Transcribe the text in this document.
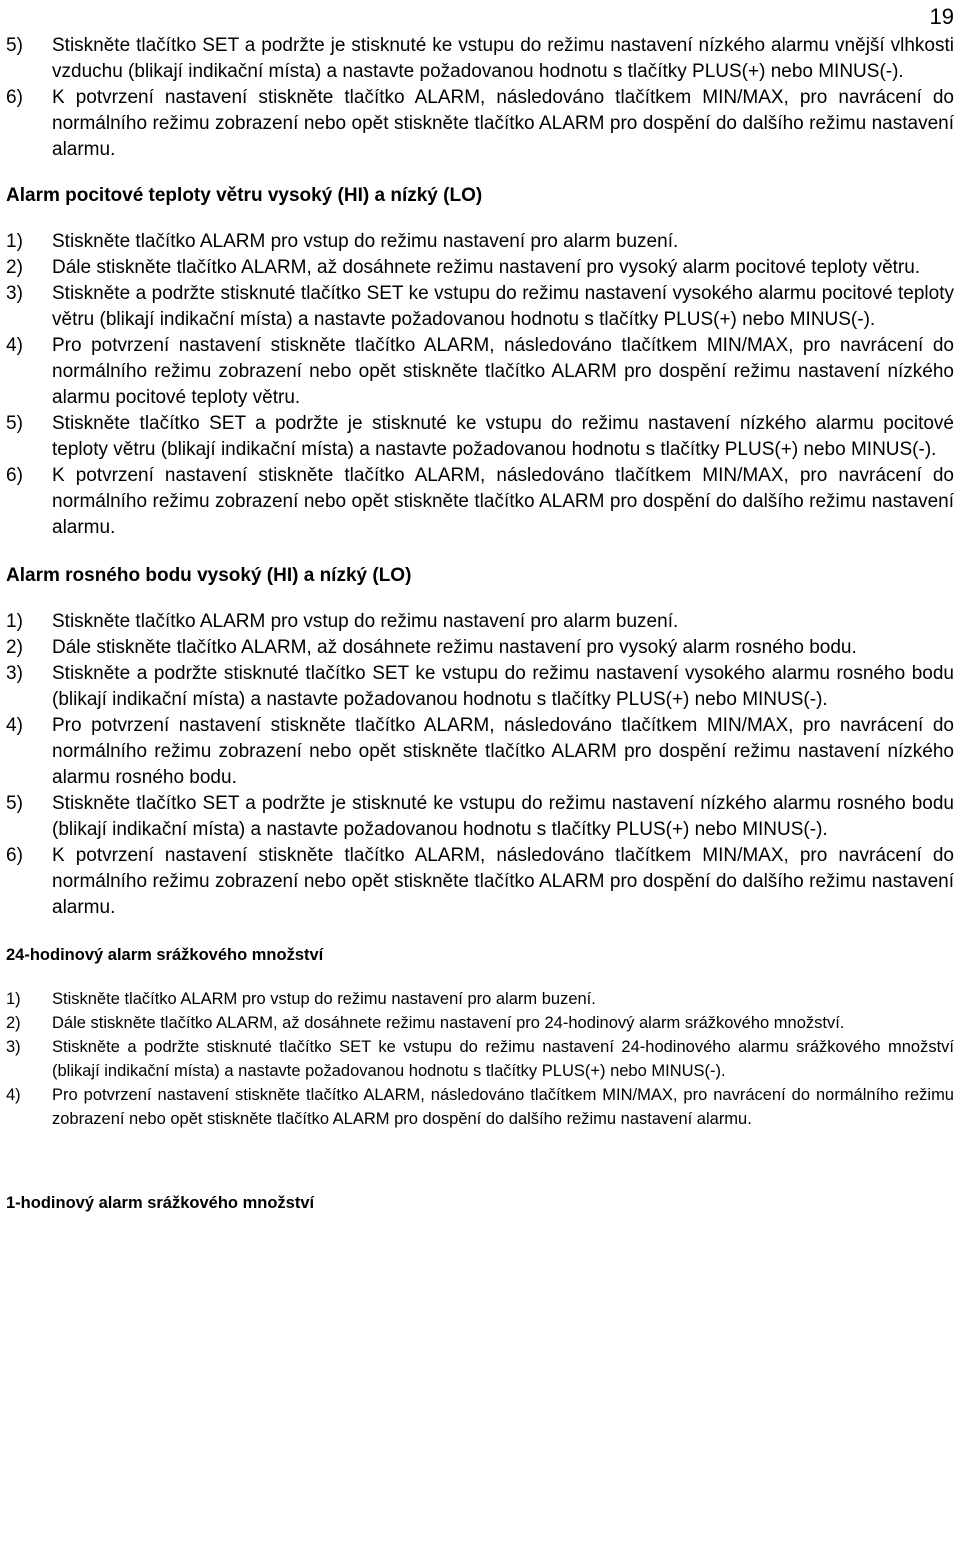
19
5)	Stiskněte tlačítko SET a podržte je stisknuté ke vstupu do režimu nastavení nízkého alarmu vnější vlhkosti vzduchu (blikají indikační místa) a nastavte požadovanou hodnotu s tlačítky PLUS(+) nebo MINUS(-).
6)	K potvrzení nastavení stiskněte tlačítko ALARM, následováno tlačítkem MIN/MAX, pro navrácení do normálního režimu zobrazení nebo opět stiskněte tlačítko ALARM pro dospění do dalšího režimu nastavení alarmu.
Alarm pocitové teploty větru vysoký (HI) a nízký (LO)
1)	Stiskněte tlačítko ALARM pro vstup do režimu nastavení pro alarm buzení.
2)	Dále stiskněte tlačítko ALARM, až dosáhnete režimu nastavení pro vysoký alarm pocitové teploty větru.
3)	Stiskněte a podržte stisknuté tlačítko SET ke vstupu do režimu nastavení vysokého alarmu pocitové teploty větru (blikají indikační místa) a nastavte požadovanou hodnotu s tlačítky PLUS(+) nebo MINUS(-).
4)	Pro potvrzení nastavení stiskněte tlačítko ALARM, následováno tlačítkem MIN/MAX, pro navrácení do normálního režimu zobrazení nebo opět stiskněte tlačítko ALARM pro dospění režimu nastavení nízkého alarmu pocitové teploty větru.
5)	Stiskněte tlačítko SET a podržte je stisknuté ke vstupu do režimu nastavení nízkého alarmu pocitové teploty větru (blikají indikační místa) a nastavte požadovanou hodnotu s tlačítky PLUS(+) nebo MINUS(-).
6)	K potvrzení nastavení stiskněte tlačítko ALARM, následováno tlačítkem MIN/MAX, pro navrácení do normálního režimu zobrazení nebo opět stiskněte tlačítko ALARM pro dospění do dalšího režimu nastavení alarmu.
Alarm rosného bodu vysoký (HI) a nízký (LO)
1)	Stiskněte tlačítko ALARM pro vstup do režimu nastavení pro alarm buzení.
2)	Dále stiskněte tlačítko ALARM, až dosáhnete režimu nastavení pro vysoký alarm rosného bodu.
3)	Stiskněte a podržte stisknuté tlačítko SET ke vstupu do režimu nastavení vysokého alarmu rosného bodu (blikají indikační místa) a nastavte požadovanou hodnotu s tlačítky PLUS(+) nebo MINUS(-).
4)	Pro potvrzení nastavení stiskněte tlačítko ALARM, následováno tlačítkem MIN/MAX, pro navrácení do normálního režimu zobrazení nebo opět stiskněte tlačítko ALARM pro dospění režimu nastavení nízkého alarmu rosného bodu.
5)	Stiskněte tlačítko SET a podržte je stisknuté ke vstupu do režimu nastavení nízkého alarmu rosného bodu (blikají indikační místa) a nastavte požadovanou hodnotu s tlačítky PLUS(+) nebo MINUS(-).
6)	K potvrzení nastavení stiskněte tlačítko ALARM, následováno tlačítkem MIN/MAX, pro navrácení do normálního režimu zobrazení nebo opět stiskněte tlačítko ALARM pro dospění do dalšího režimu nastavení alarmu.
24-hodinový alarm srážkového množství
1)	Stiskněte tlačítko ALARM pro vstup do režimu nastavení pro alarm buzení.
2)	Dále stiskněte tlačítko ALARM, až dosáhnete režimu nastavení pro 24-hodinový alarm srážkového množství.
3)	Stiskněte a podržte stisknuté tlačítko SET ke vstupu do režimu nastavení 24-hodinového alarmu srážkového množství (blikají indikační místa) a nastavte požadovanou hodnotu s tlačítky PLUS(+) nebo MINUS(-).
4)	Pro potvrzení nastavení stiskněte tlačítko ALARM, následováno tlačítkem MIN/MAX, pro navrácení do normálního režimu zobrazení nebo opět stiskněte tlačítko ALARM pro dospění do dalšího režimu nastavení alarmu.
1-hodinový alarm srážkového množství
